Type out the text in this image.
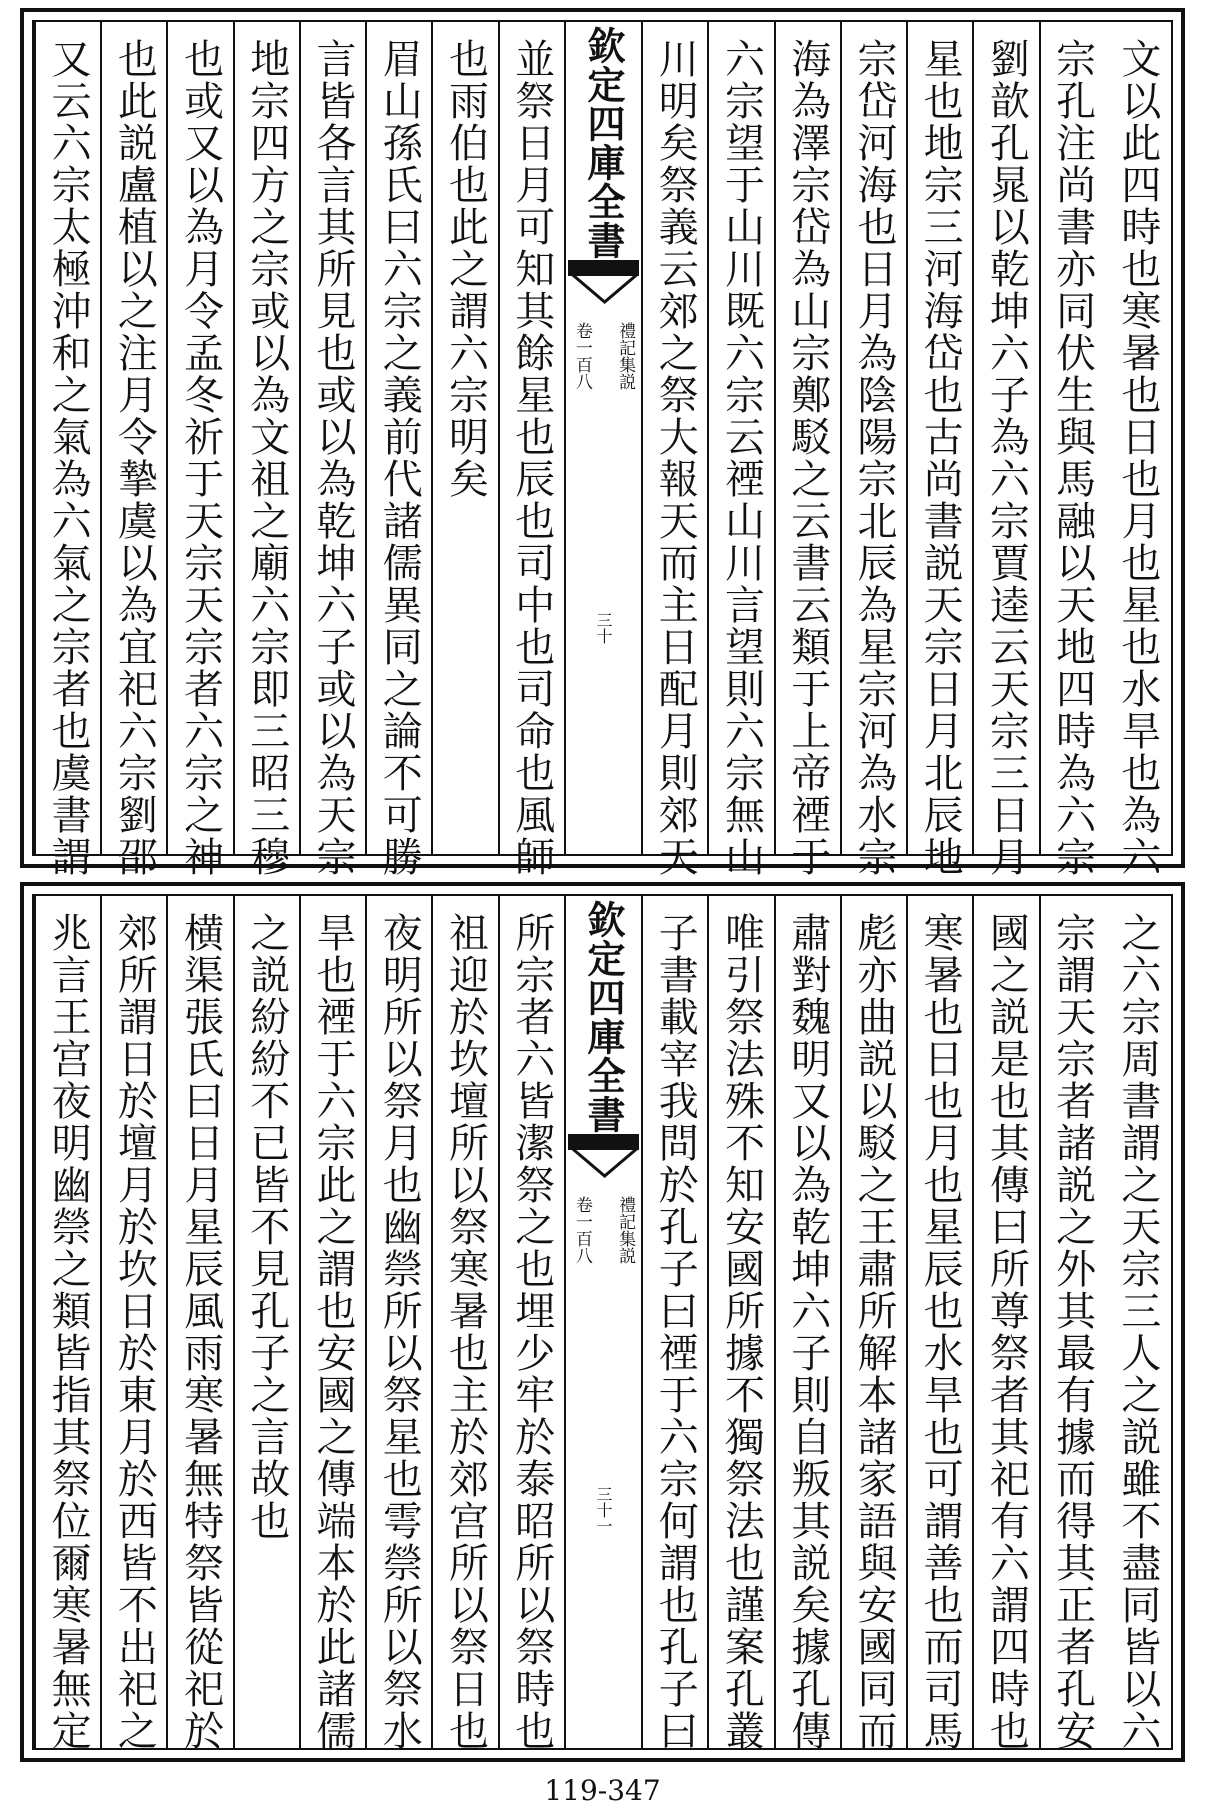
文以此四時也寒暑也日也月也星也水旱也為六
宗孔注尚書亦同伏生與馬融以天地四時為六宗
劉歆孔晁以乾坤六子為六宗賈逵云天宗三日月
星也地宗三河海岱也古尚書説天宗日月北辰地
宗岱河海也日月為陰陽宗北辰為星宗河為水宗
海為澤宗岱為山宗鄭駁之云書云類于上帝禋于
六宗望于山川既六宗云禋山川言望則六宗無山
川明矣祭義云郊之祭大報天而主日配月則郊天
欽定四庫全書
禮記集説
卷一百八
三十
並祭日月可知其餘星也辰也司中也司命也風師
也雨伯也此之謂六宗明矣
眉山孫氏曰六宗之義前代諸儒異同之論不可勝
言皆各言其所見也或以為乾坤六子或以為天宗
地宗四方之宗或以為文祖之廟六宗即三昭三穆
也或又以為月令孟冬祈于天宗天宗者六宗之神
也此説盧植以之注月令摯虞以為宜祀六宗劉邵
又云六宗太極沖和之氣為六氣之宗者也虞書謂
之六宗周書謂之天宗三人之説雖不盡同皆以六
宗謂天宗者諸説之外其最有據而得其正者孔安
國之説是也其傳曰所尊祭者其祀有六謂四時也
寒暑也日也月也星辰也水旱也可謂善也而司馬
彪亦曲説以駁之王肅所解本諸家語與安國同而
肅對魏明又以為乾坤六子則自叛其説矣據孔傳
唯引祭法殊不知安國所據不獨祭法也謹案孔叢
子書載宰我問於孔子曰禋于六宗何謂也孔子曰
欽定四庫全書
禮記集説
卷一百八
三十一
所宗者六皆潔祭之也埋少牢於泰昭所以祭時也
祖迎於坎壇所以祭寒暑也主於郊宫所以祭日也
夜明所以祭月也幽禜所以祭星也雩禜所以祭水
旱也禋于六宗此之謂也安國之傳端本於此諸儒
之説紛紛不已皆不見孔子之言故也
横渠張氏曰日月星辰風雨寒暑無特祭皆從祀於
郊所謂日於壇月於坎日於東月於西皆不出祀之
兆言王宫夜明幽禜之類皆指其祭位爾寒暑無定
119-347
